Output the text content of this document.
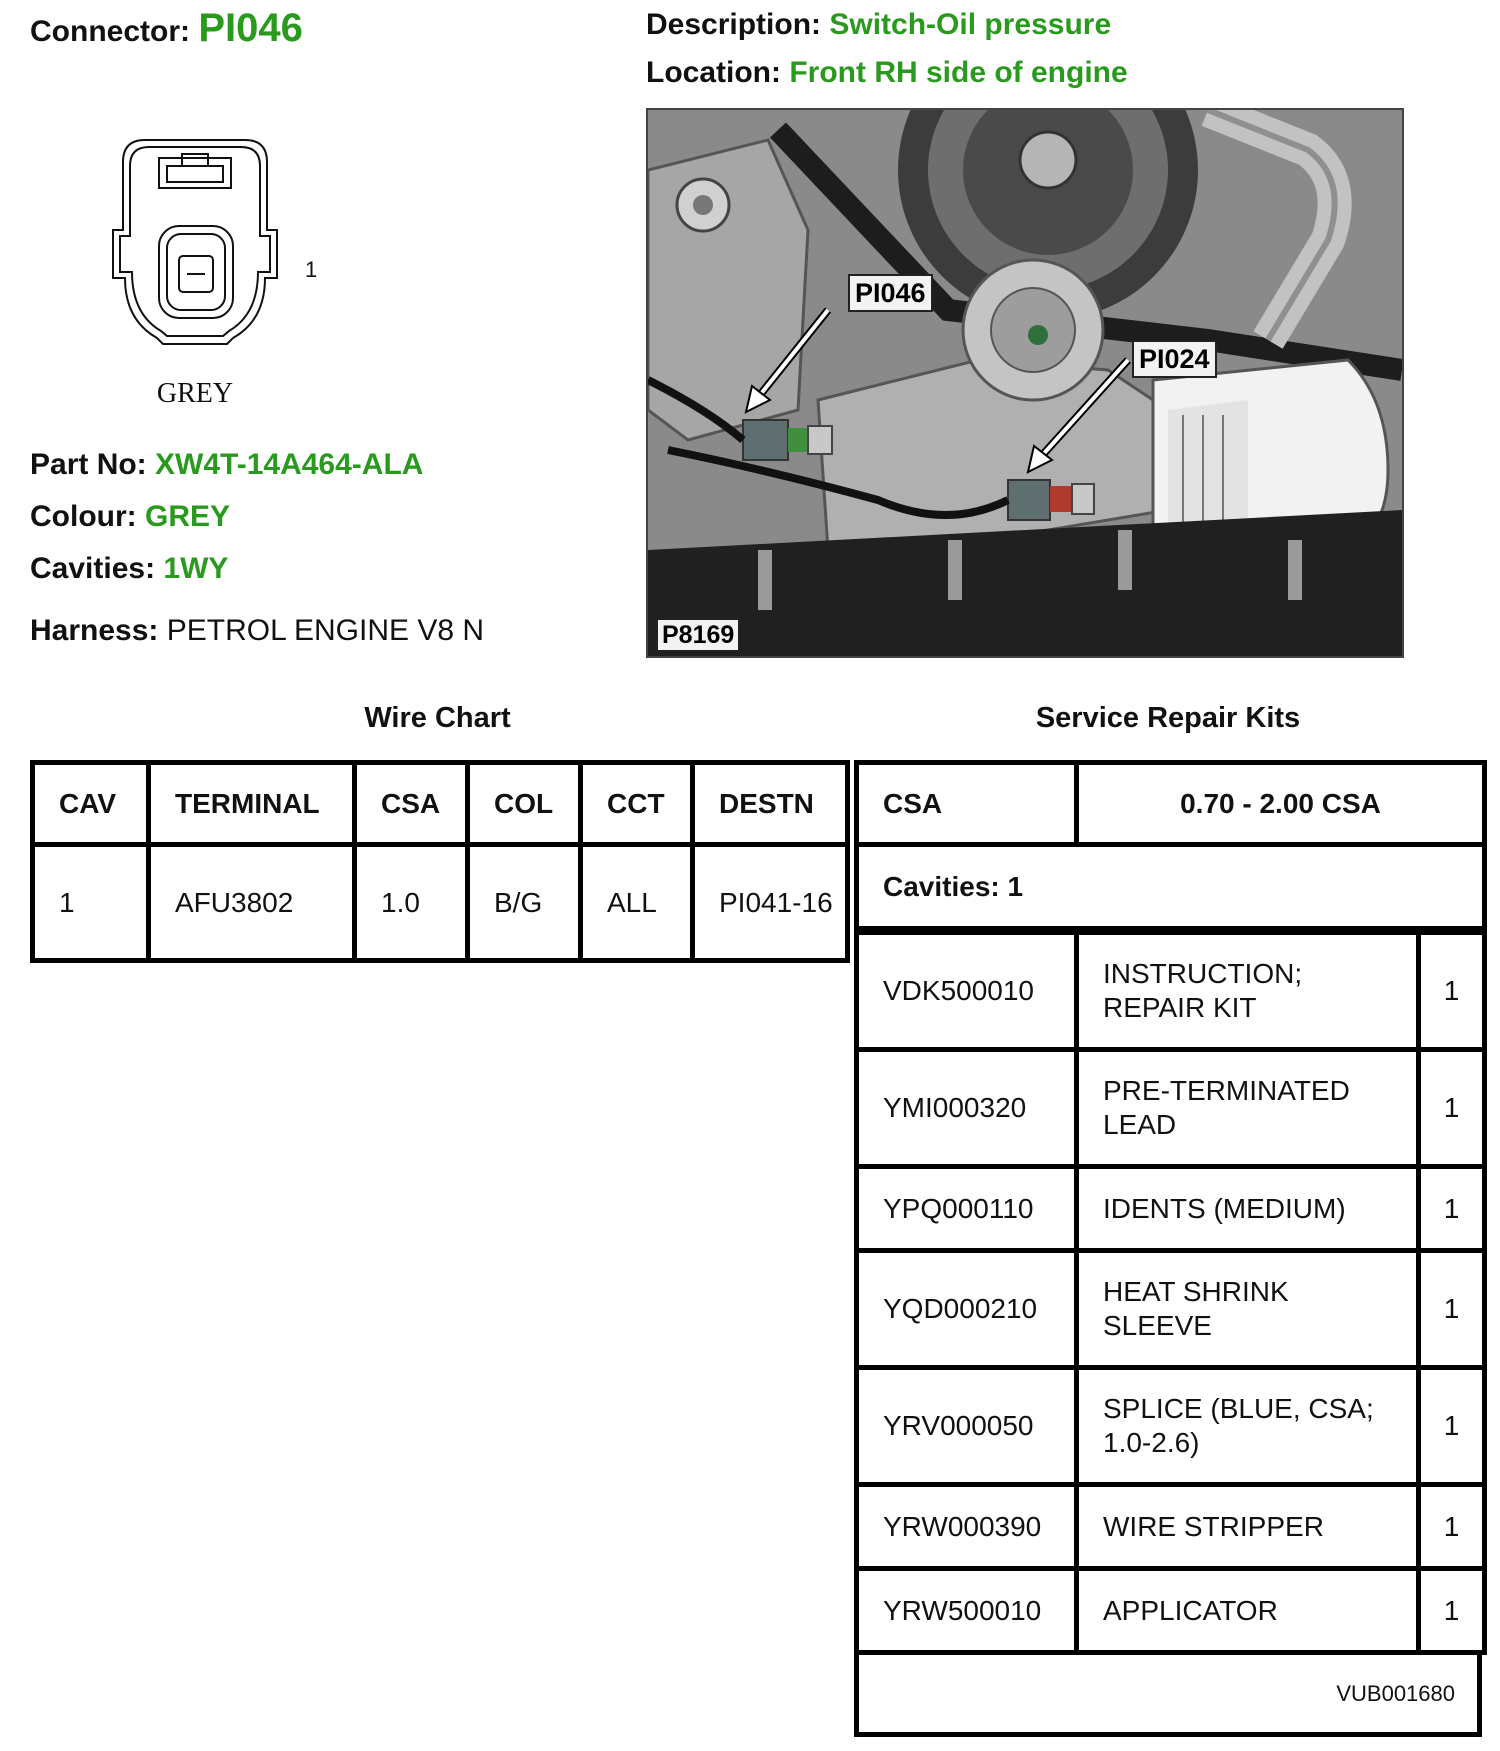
Connector: PI046
1
GREY
Part No: XW4T-14A464-ALA
Colour: GREY
Cavities: 1WY
Harness: PETROL ENGINE V8 N
Description: Switch-Oil pressure
Location: Front RH side of engine
PI046
PI024
P8169
Wire Chart	Service Repair Kits
CAV	TERMINAL	CSA	COL	CCT	DESTN
1	AFU3802	1.0	B/G	ALL	PI041-16
CSA	0.70 - 2.00 CSA
Cavities: 1
VDK500010	INSTRUCTION; REPAIR KIT	1
YMI000320	PRE-TERMINATED LEAD	1
YPQ000110	IDENTS (MEDIUM)	1
YQD000210	HEAT SHRINK SLEEVE	1
YRV000050	SPLICE (BLUE, CSA; 1.0-2.6)	1
YRW000390	WIRE STRIPPER	1
YRW500010	APPLICATOR	1
VUB001680
